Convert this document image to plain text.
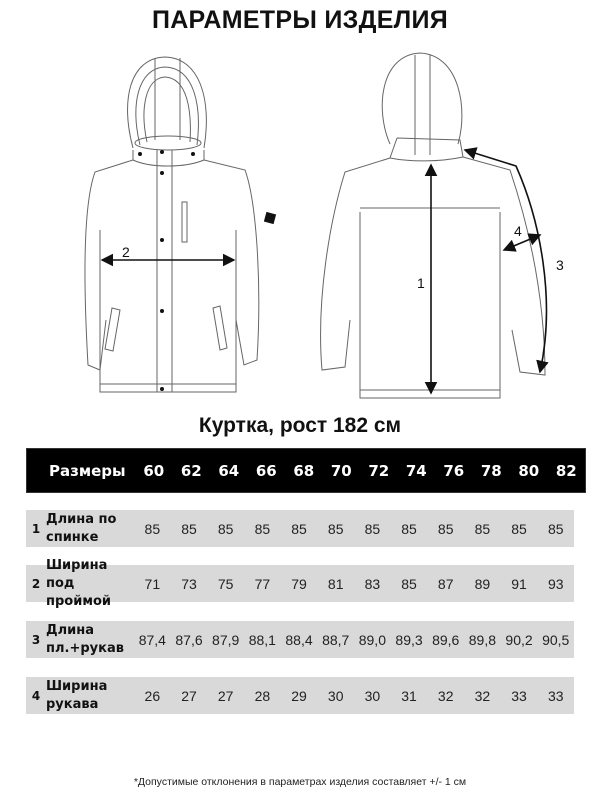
ПАРАМЕТРЫ ИЗДЕЛИЯ
2
1
3
4
Куртка, рост 182 см
Размеры	60	62	64	66	68	70	72	74	76	78	80	82
1
Длина по
спинке
85	85	85	85	85	85	85	85	85	85	85	85
2
Ширина под
проймой
71	73	75	77	79	81	83	85	87	89	91	93
3
Длина
пл.+рукав
87,4 87,6 87,9 88,1 88,4 88,7 89,0 89,3 89,6 89,8 90,2 90,5
4
Ширина
рукава
26	27	27	28	29	30	30	31	32	32	33	33
*Допустимые отклонения в параметрах изделия составляет +/- 1 см
